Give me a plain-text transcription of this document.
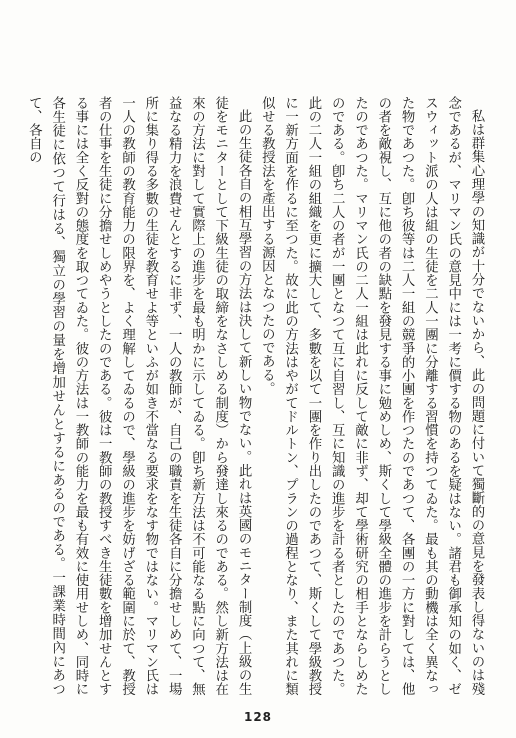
私は群集心理學の知識が十分でないから、此の問題に付いて獨斷的の意見を發表し得ないのは殘念であるが、マリマン氏の意見中には一考に價する物のあるを疑はない。諸君も御承知の如く、ゼスウィット派の人は組の生徒を二人一團に分離する習慣を持つてゐた。最も其の動機は全く異なった物であつた。卽ち彼等は二人一組の競爭的小團を作つたのであつて、各團の一方に對しては、他の者を敵視し、互に他の者の缺點を發見する事に勉めしめ、斯くして學級全體の進步を計らうとしたのであつた。マリマン氏の二人一組は此れに反して敵に非ず、却て學術研究の相手とならしめたのである。卽ち二人の者が一團となつて互に自習し、互に知識の進步を計る者としたのであつた。此の二人一組の組織を更に擴大して、多數を以て一團を作り出したのであつて、斯くして學級教授に一新方面を作るに至つた。故に此の方法はやがてドルトン、プランの過程となり、また其れに類似せる教授法を產出する源因となつたのである。

此の生徒各自の相互學習の方法は決して新しい物でない。此れは英國のモニター制度（上級の生徒をモニターとして下級生徒の取締をなさしめる制度）から發達し來るのである。然し新方法は在來の方法に對して實際上の進步を最も明かに示してゐる。卽ち新方法は不可能なる點に向つて、無益なる精力を浪費せんとするに非ず、一人の教師が、自己の職責を生徒各自に分擔せしめて、一場所に集り得る多數の生徒を教育せよ等といふが如き不當なる要求をなす物ではない。マリマン氏は一人の教師の教育能力の限界を、よく理解してゐるので、學級の進步を妨げざる範圍に於て、教授者の仕事を生徒に分擔せしめやうとしたのである。彼は一教師の教授すべき生徒數を增加せんとする事には全く反對の態度を取つてゐた。彼の方法は一教師の能力を最も有效に使用せしめ、同時に各生徒に依つて行はる、獨立の學習の量を增加せんとするにあるのである。一課業時間內にあつて、各自の

128
